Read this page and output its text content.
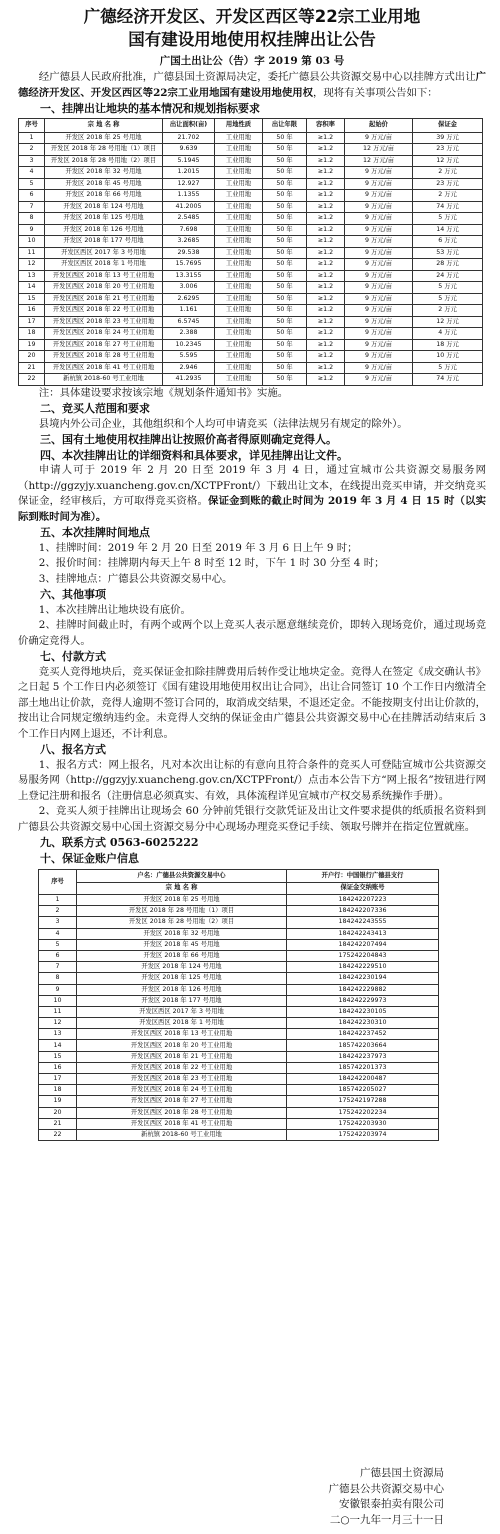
广德经济开发区、开发区西区等22宗工业用地
国有建设用地使用权挂牌出让公告
广国土出让公（告）字 2019 第 03 号

经广德县人民政府批准，广德县国土资源局决定，委托广德县公共资源交易中心以挂牌方式出让广德经济开发区、开发区西区等22宗工业用地国有建设用地使用权，现将有关事项公告如下：

一、挂牌出让地块的基本情况和规划指标要求
序号	宗 地 名 称	出让面积(亩)	用地性质	出让年限	容积率	起始价	保证金
1	开发区 2018 年 25 号用地	21.702	工业用地	50 年	≥1.2	9 万元/亩	39 万元
2	开发区 2018 年 28 号用地（1）项目	9.639	工业用地	50 年	≥1.2	12 万元/亩	23 万元
3	开发区 2018 年 28 号用地（2）项目	5.1945	工业用地	50 年	≥1.2	12 万元/亩	12 万元
4	开发区 2018 年 32 号用地	1.2015	工业用地	50 年	≥1.2	9 万元/亩	2 万元
5	开发区 2018 年 45 号用地	12.927	工业用地	50 年	≥1.2	9 万元/亩	23 万元
6	开发区 2018 年 66 号用地	1.1355	工业用地	50 年	≥1.2	9 万元/亩	2 万元
7	开发区 2018 年 124 号用地	41.2005	工业用地	50 年	≥1.2	9 万元/亩	74 万元
8	开发区 2018 年 125 号用地	2.5485	工业用地	50 年	≥1.2	9 万元/亩	5 万元
9	开发区 2018 年 126 号用地	7.698	工业用地	50 年	≥1.2	9 万元/亩	14 万元
10	开发区 2018 年 177 号用地	3.2685	工业用地	50 年	≥1.2	9 万元/亩	6 万元
11	开发区西区 2017 年 3 号用地	29.538	工业用地	50 年	≥1.2	9 万元/亩	53 万元
12	开发区西区 2018 年 1 号用地	15.7695	工业用地	50 年	≥1.2	9 万元/亩	28 万元
13	开发区西区 2018 年 13 号工业用地	13.3155	工业用地	50 年	≥1.2	9 万元/亩	24 万元
14	开发区西区 2018 年 20 号工业用地	3.006	工业用地	50 年	≥1.2	9 万元/亩	5 万元
15	开发区西区 2018 年 21 号工业用地	2.6295	工业用地	50 年	≥1.2	9 万元/亩	5 万元
16	开发区西区 2018 年 22 号工业用地	1.161	工业用地	50 年	≥1.2	9 万元/亩	2 万元
17	开发区西区 2018 年 23 号工业用地	6.5745	工业用地	50 年	≥1.2	9 万元/亩	12 万元
18	开发区西区 2018 年 24 号工业用地	2.388	工业用地	50 年	≥1.2	9 万元/亩	4 万元
19	开发区西区 2018 年 27 号工业用地	10.2345	工业用地	50 年	≥1.2	9 万元/亩	18 万元
20	开发区西区 2018 年 28 号工业用地	5.595	工业用地	50 年	≥1.2	9 万元/亩	10 万元
21	开发区西区 2018 年 41 号工业用地	2.946	工业用地	50 年	≥1.2	9 万元/亩	5 万元
22	新杭镇 2018-60 号工业用地	41.2935	工业用地	50 年	≥1.2	9 万元/亩	74 万元

注：具体建设要求按该宗地《规划条件通知书》实施。

二、竞买人范围和要求

县境内外公司企业，其他组织和个人均可申请竞买（法律法规另有规定的除外）。

三、国有土地使用权挂牌出让按照价高者得原则确定竞得人。
四、本次挂牌出让的详细资料和具体要求，详见挂牌出让文件。

申请人可于 2019 年 2 月 20 日至 2019 年 3 月 4 日，通过宣城市公共资源交易服务网（http://ggzyjy.xuancheng.gov.cn/XCTPFront/）下载出让文本，在线提出竞买申请，并交纳竞买保证金，经审核后，方可取得竞买资格。保证金到账的截止时间为 2019 年 3 月 4 日 15 时（以实际到账时间为准）。

五、本次挂牌时间地点

1、挂牌时间：2019 年 2 月 20 日至 2019 年 3 月 6 日上午 9 时；

2、报价时间：挂牌期内每天上午 8 时至 12 时，下午 1 时 30 分至 4 时；

3、挂牌地点：广德县公共资源交易中心。

六、其他事项

1、本次挂牌出让地块设有底价。

2、挂牌时间截止时，有两个或两个以上竞买人表示愿意继续竞价，即转入现场竞价，通过现场竞价确定竞得人。

七、付款方式

竞买人竞得地块后，竞买保证金扣除挂牌费用后转作受让地块定金。竞得人在签定《成交确认书》之日起 5 个工作日内必须签订《国有建设用地使用权出让合同》，出让合同签订 10 个工作日内缴清全部土地出让价款，竞得人逾期不签订合同的，取消成交结果，不退还定金。不能按期支付出让价款的，按出让合同规定缴纳违约金。未竞得人交纳的保证金由广德县公共资源交易中心在挂牌活动结束后 3 个工作日内网上退还，不计利息。

八、报名方式

1、报名方式：网上报名，凡对本次出让标的有意向且符合条件的竞买人可登陆宣城市公共资源交易服务网（http://ggzyjy.xuancheng.gov.cn/XCTPFront/）点击本公告下方“网上报名”按钮进行网上登记注册和报名（注册信息必须真实、有效，具体流程详见宣城市产权交易系统操作手册）。

2、竞买人须于挂牌出让现场会 60 分钟前凭银行交款凭证及出让文件要求提供的纸质报名资料到广德县公共资源交易中心国土资源交易分中心现场办理竞买登记手续、领取号牌并在指定位置就座。

九、联系方式 0563-6025222
十、保证金账户信息
序号	户名：广德县公共资源交易中心	开户行：中国银行广德县支行
	宗 地 名 称	保证金交纳账号
1	开发区 2018 年 25 号用地	184242207223
2	开发区 2018 年 28 号用地（1）项目	184242207336
3	开发区 2018 年 28 号用地（2）项目	184242243555
4	开发区 2018 年 32 号用地	184242243413
5	开发区 2018 年 45 号用地	184242207494
6	开发区 2018 年 66 号用地	175242204843
7	开发区 2018 年 124 号用地	184242229510
8	开发区 2018 年 125 号用地	184242230194
9	开发区 2018 年 126 号用地	184242229882
10	开发区 2018 年 177 号用地	184242229973
11	开发区西区 2017 年 3 号用地	184242230105
12	开发区西区 2018 年 1 号用地	184242230310
13	开发区西区 2018 年 13 号工业用地	184242237452
14	开发区西区 2018 年 20 号工业用地	185742203664
15	开发区西区 2018 年 21 号工业用地	184242237973
16	开发区西区 2018 年 22 号工业用地	185742201373
17	开发区西区 2018 年 23 号工业用地	184242200487
18	开发区西区 2018 年 24 号工业用地	185742205027
19	开发区西区 2018 年 27 号工业用地	175242197288
20	开发区西区 2018 年 28 号工业用地	175242202234
21	开发区西区 2018 年 41 号工业用地	175242203930
22	新杭镇 2018-60 号工业用地	175242203974
广德县国土资源局
广德县公共资源交易中心
安徽银泰拍卖有限公司
二○一九年一月三十一日
